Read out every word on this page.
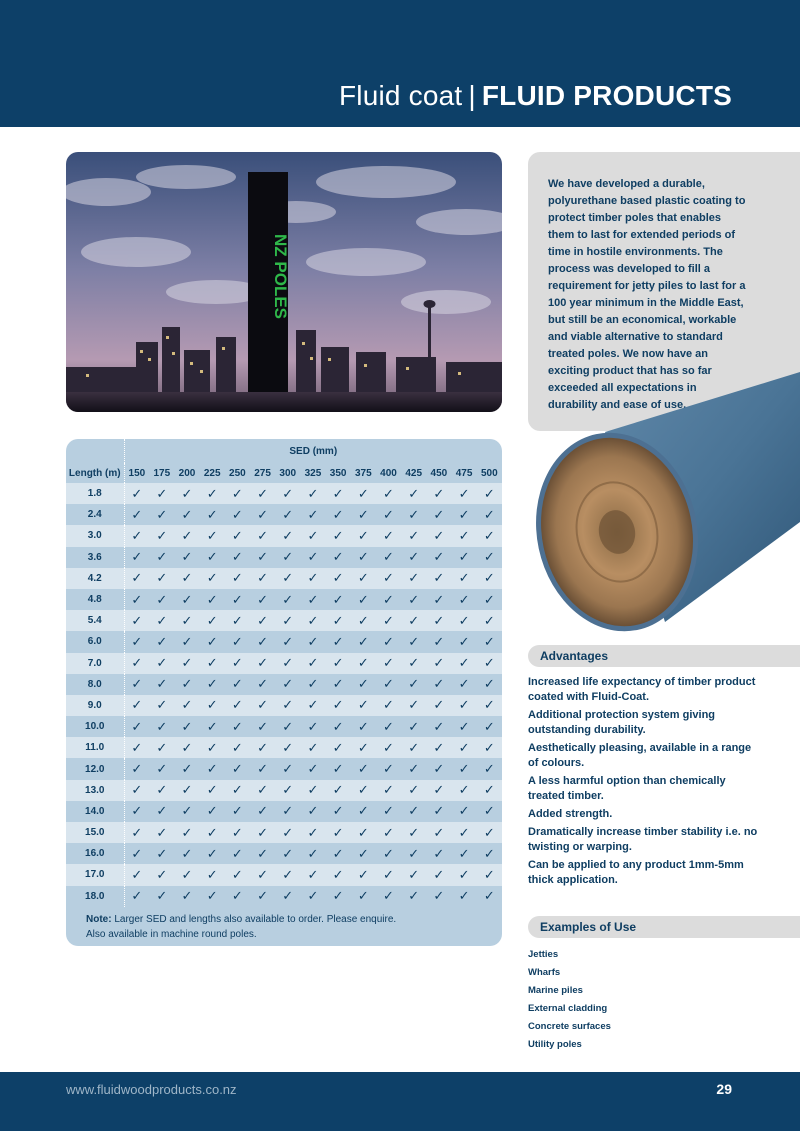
Fluid coat | FLUID PRODUCTS
NZ POLES

We have developed a durable, polyurethane based plastic coating to protect timber poles that enables them to last for extended periods of time in hostile environments. The process was developed to fill a requirement for jetty piles to last for a 100 year minimum in the Middle East, but still be an economical, workable and viable alternative to standard treated poles. We now have an exciting product that has so far exceeded all expectations in durability and ease of use.

	SED (mm)														
Length (m)	150	175	200	225	250	275	300	325	350	375	400	425	450	475	500
1.8	✓	✓	✓	✓	✓	✓	✓	✓	✓	✓	✓	✓	✓	✓	✓
2.4	✓	✓	✓	✓	✓	✓	✓	✓	✓	✓	✓	✓	✓	✓	✓
3.0	✓	✓	✓	✓	✓	✓	✓	✓	✓	✓	✓	✓	✓	✓	✓
3.6	✓	✓	✓	✓	✓	✓	✓	✓	✓	✓	✓	✓	✓	✓	✓
4.2	✓	✓	✓	✓	✓	✓	✓	✓	✓	✓	✓	✓	✓	✓	✓
4.8	✓	✓	✓	✓	✓	✓	✓	✓	✓	✓	✓	✓	✓	✓	✓
5.4	✓	✓	✓	✓	✓	✓	✓	✓	✓	✓	✓	✓	✓	✓	✓
6.0	✓	✓	✓	✓	✓	✓	✓	✓	✓	✓	✓	✓	✓	✓	✓
7.0	✓	✓	✓	✓	✓	✓	✓	✓	✓	✓	✓	✓	✓	✓	✓
8.0	✓	✓	✓	✓	✓	✓	✓	✓	✓	✓	✓	✓	✓	✓	✓
9.0	✓	✓	✓	✓	✓	✓	✓	✓	✓	✓	✓	✓	✓	✓	✓
10.0	✓	✓	✓	✓	✓	✓	✓	✓	✓	✓	✓	✓	✓	✓	✓
11.0	✓	✓	✓	✓	✓	✓	✓	✓	✓	✓	✓	✓	✓	✓	✓
12.0	✓	✓	✓	✓	✓	✓	✓	✓	✓	✓	✓	✓	✓	✓	✓
13.0	✓	✓	✓	✓	✓	✓	✓	✓	✓	✓	✓	✓	✓	✓	✓
14.0	✓	✓	✓	✓	✓	✓	✓	✓	✓	✓	✓	✓	✓	✓	✓
15.0	✓	✓	✓	✓	✓	✓	✓	✓	✓	✓	✓	✓	✓	✓	✓
16.0	✓	✓	✓	✓	✓	✓	✓	✓	✓	✓	✓	✓	✓	✓	✓
17.0	✓	✓	✓	✓	✓	✓	✓	✓	✓	✓	✓	✓	✓	✓	✓
18.0	✓	✓	✓	✓	✓	✓	✓	✓	✓	✓	✓	✓	✓	✓	✓
Note: Larger SED and lengths also available to order. Please enquire.
Also available in machine round poles.
Advantages

Increased life expectancy of timber product coated with Fluid-Coat.

Additional protection system giving outstanding durability.

Aesthetically pleasing, available in a range of colours.

A less harmful option than chemically treated timber.

Added strength.

Dramatically increase timber stability i.e. no twisting or warping.

Can be applied to any product 1mm-5mm thick application.

Examples of Use

Jetties

Wharfs

Marine piles

External cladding

Concrete surfaces

Utility poles

www.fluidwoodproducts.co.nz	29
